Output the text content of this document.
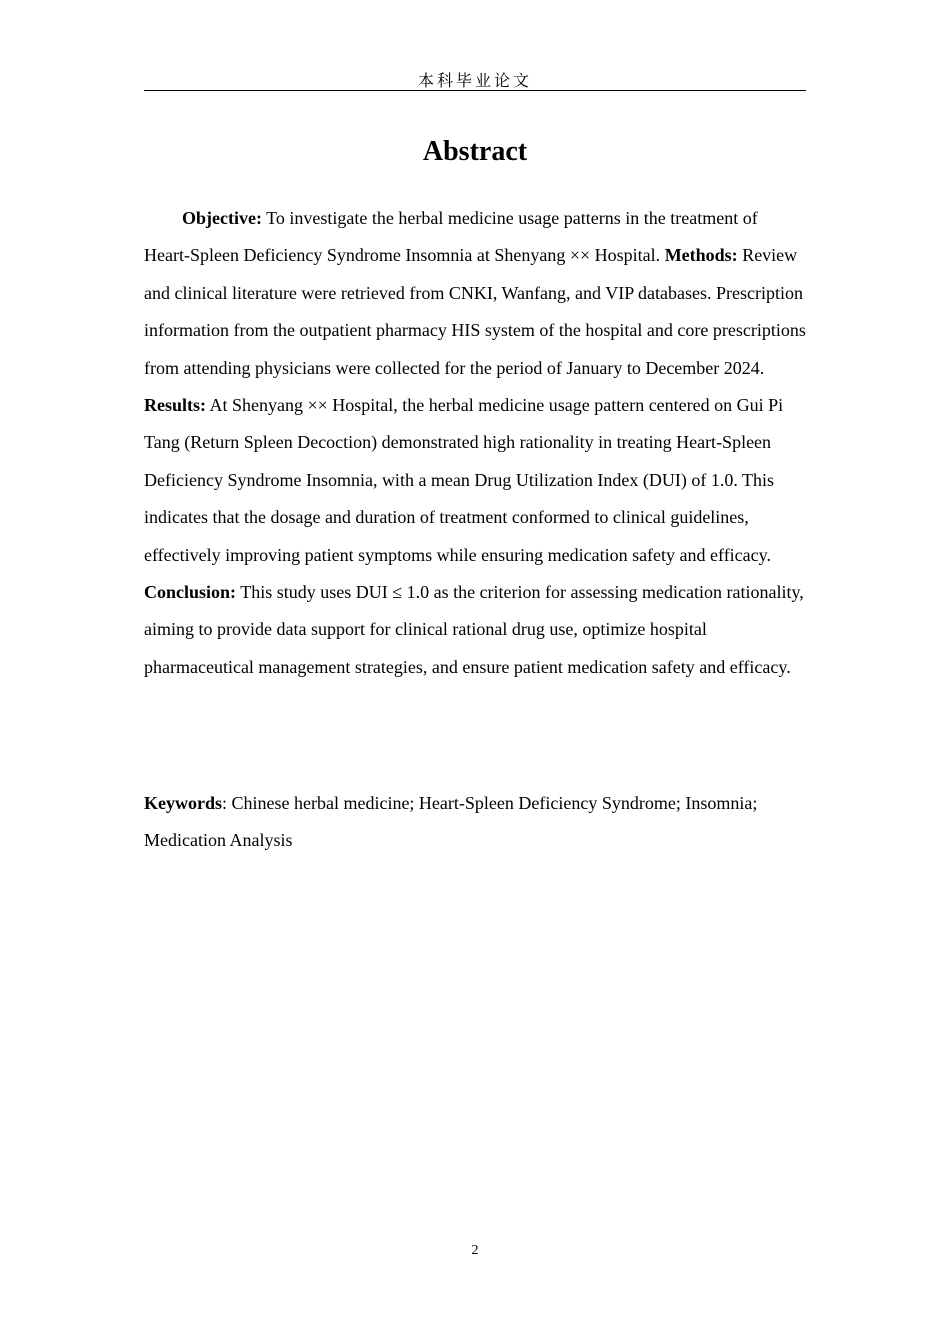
本科毕业论文
Abstract

Objective: To investigate the herbal medicine usage patterns in the treatment of Heart-Spleen Deficiency Syndrome Insomnia at Shenyang ×× Hospital. Methods: Review and clinical literature were retrieved from CNKI, Wanfang, and VIP databases. Prescription information from the outpatient pharmacy HIS system of the hospital and core prescriptions from attending physicians were collected for the period of January to December 2024. Results: At Shenyang ×× Hospital, the herbal medicine usage pattern centered on Gui Pi Tang (Return Spleen Decoction) demonstrated high rationality in treating Heart-Spleen Deficiency Syndrome Insomnia, with a mean Drug Utilization Index (DUI) of 1.0. This indicates that the dosage and duration of treatment conformed to clinical guidelines, effectively improving patient symptoms while ensuring medication safety and efficacy.
Conclusion: This study uses DUI ≤ 1.0 as the criterion for assessing medication rationality, aiming to provide data support for clinical rational drug use, optimize hospital pharmaceutical management strategies, and ensure patient medication safety and efficacy.

Keywords: Chinese herbal medicine; Heart-Spleen Deficiency Syndrome; Insomnia; Medication Analysis

2
